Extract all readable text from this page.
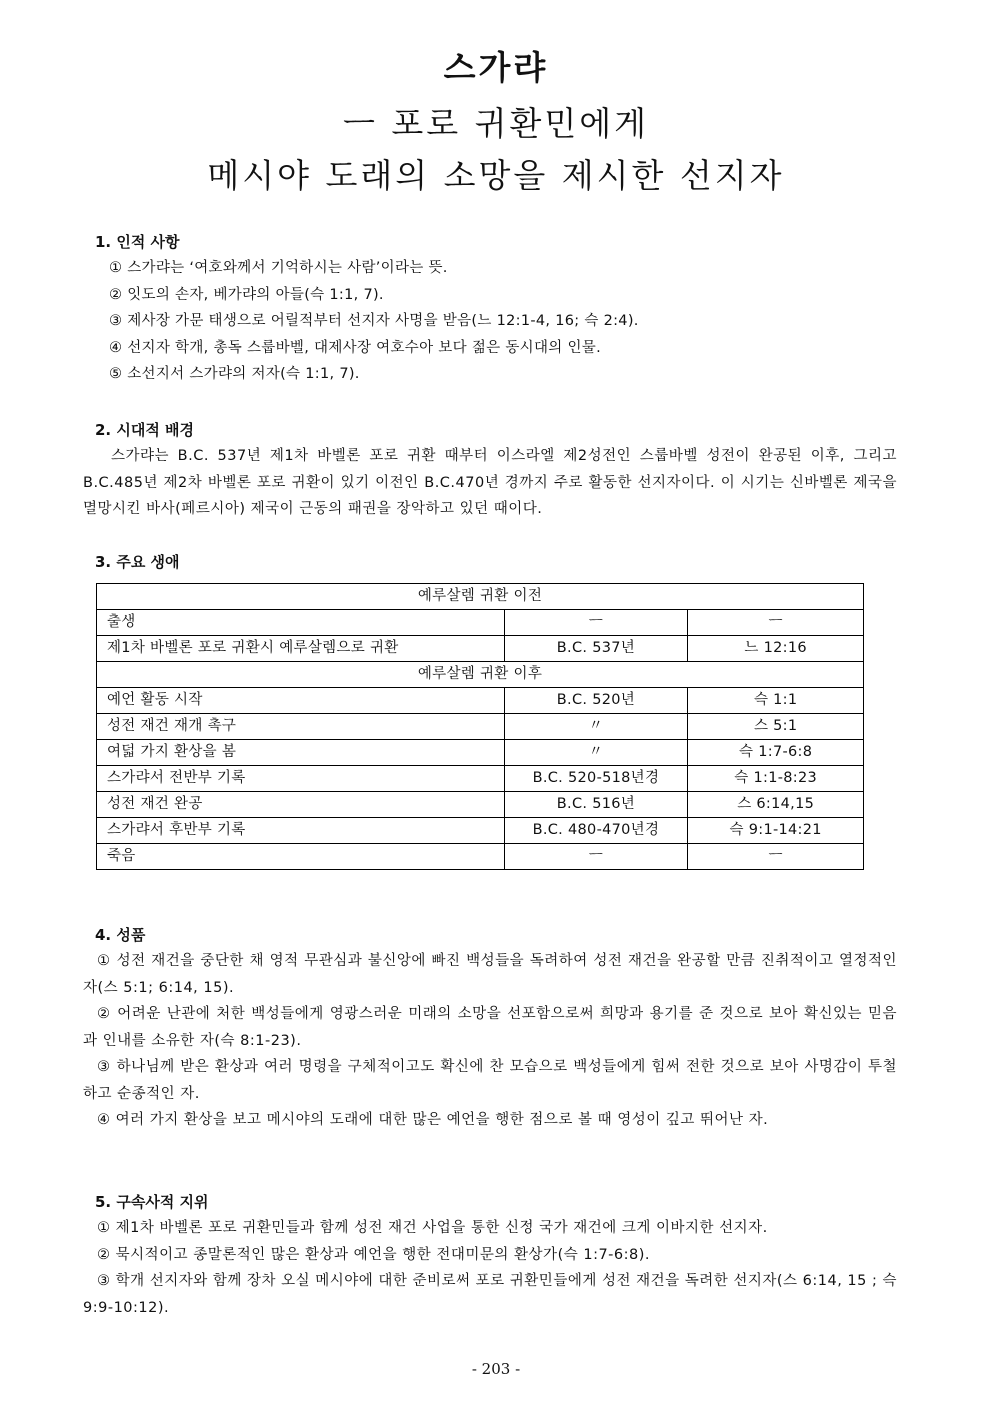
스가랴
ㅡ 포로 귀환민에게
메시야 도래의 소망을 제시한 선지자
1. 인적 사항
① 스가랴는 ‘여호와께서 기억하시는 사람’이라는 뜻.
② 잇도의 손자, 베가랴의 아들(슥 1:1, 7).
③ 제사장 가문 태생으로 어릴적부터 선지자 사명을 받음(느 12:1-4, 16; 슥 2:4).
④ 선지자 학개, 총독 스룹바벨, 대제사장 여호수아 보다 젊은 동시대의 인물.
⑤ 소선지서 스가랴의 저자(슥 1:1, 7).
2. 시대적 배경
스가랴는 B.C. 537년 제1차 바벨론 포로 귀환 때부터 이스라엘 제2성전인 스룹바벨 성전이 완공된 이후, 그리고 B.C.485년 제2차 바벨론 포로 귀환이 있기 이전인 B.C.470년 경까지 주로 활동한 선지자이다. 이 시기는 신바벨론 제국을 멸망시킨 바사(페르시아) 제국이 근동의 패권을 장악하고 있던 때이다.
3. 주요 생애
예루살렘 귀환 이전		
출생	ㅡ	ㅡ
제1차 바벨론 포로 귀환시 예루살렘으로 귀환	B.C. 537년	느 12:16
예루살렘 귀환 이후		
예언 활동 시작	B.C. 520년	슥 1:1
성전 재건 재개 촉구	〃	스 5:1
여덟 가지 환상을 봄	〃	슥 1:7-6:8
스가랴서 전반부 기록	B.C. 520-518년경	슥 1:1-8:23
성전 재건 완공	B.C. 516년	스 6:14,15
스가랴서 후반부 기록	B.C. 480-470년경	슥 9:1-14:21
죽음	ㅡ	ㅡ
4. 성품
① 성전 재건을 중단한 채 영적 무관심과 불신앙에 빠진 백성들을 독려하여 성전 재건을 완공할 만큼 진취적이고 열정적인 자(스 5:1; 6:14, 15).
② 어려운 난관에 처한 백성들에게 영광스러운 미래의 소망을 선포함으로써 희망과 용기를 준 것으로 보아 확신있는 믿음과 인내를 소유한 자(슥 8:1-23).
③ 하나님께 받은 환상과 여러 명령을 구체적이고도 확신에 찬 모습으로 백성들에게 힘써 전한 것으로 보아 사명감이 투철하고 순종적인 자.
④ 여러 가지 환상을 보고 메시야의 도래에 대한 많은 예언을 행한 점으로 볼 때 영성이 깊고 뛰어난 자.
5. 구속사적 지위
① 제1차 바벨론 포로 귀환민들과 함께 성전 재건 사업을 통한 신정 국가 재건에 크게 이바지한 선지자.
② 묵시적이고 종말론적인 많은 환상과 예언을 행한 전대미문의 환상가(슥 1:7-6:8).
③ 학개 선지자와 함께 장차 오실 메시야에 대한 준비로써 포로 귀환민들에게 성전 재건을 독려한 선지자(스 6:14, 15 ; 슥 9:9-10:12).
- 203 -
